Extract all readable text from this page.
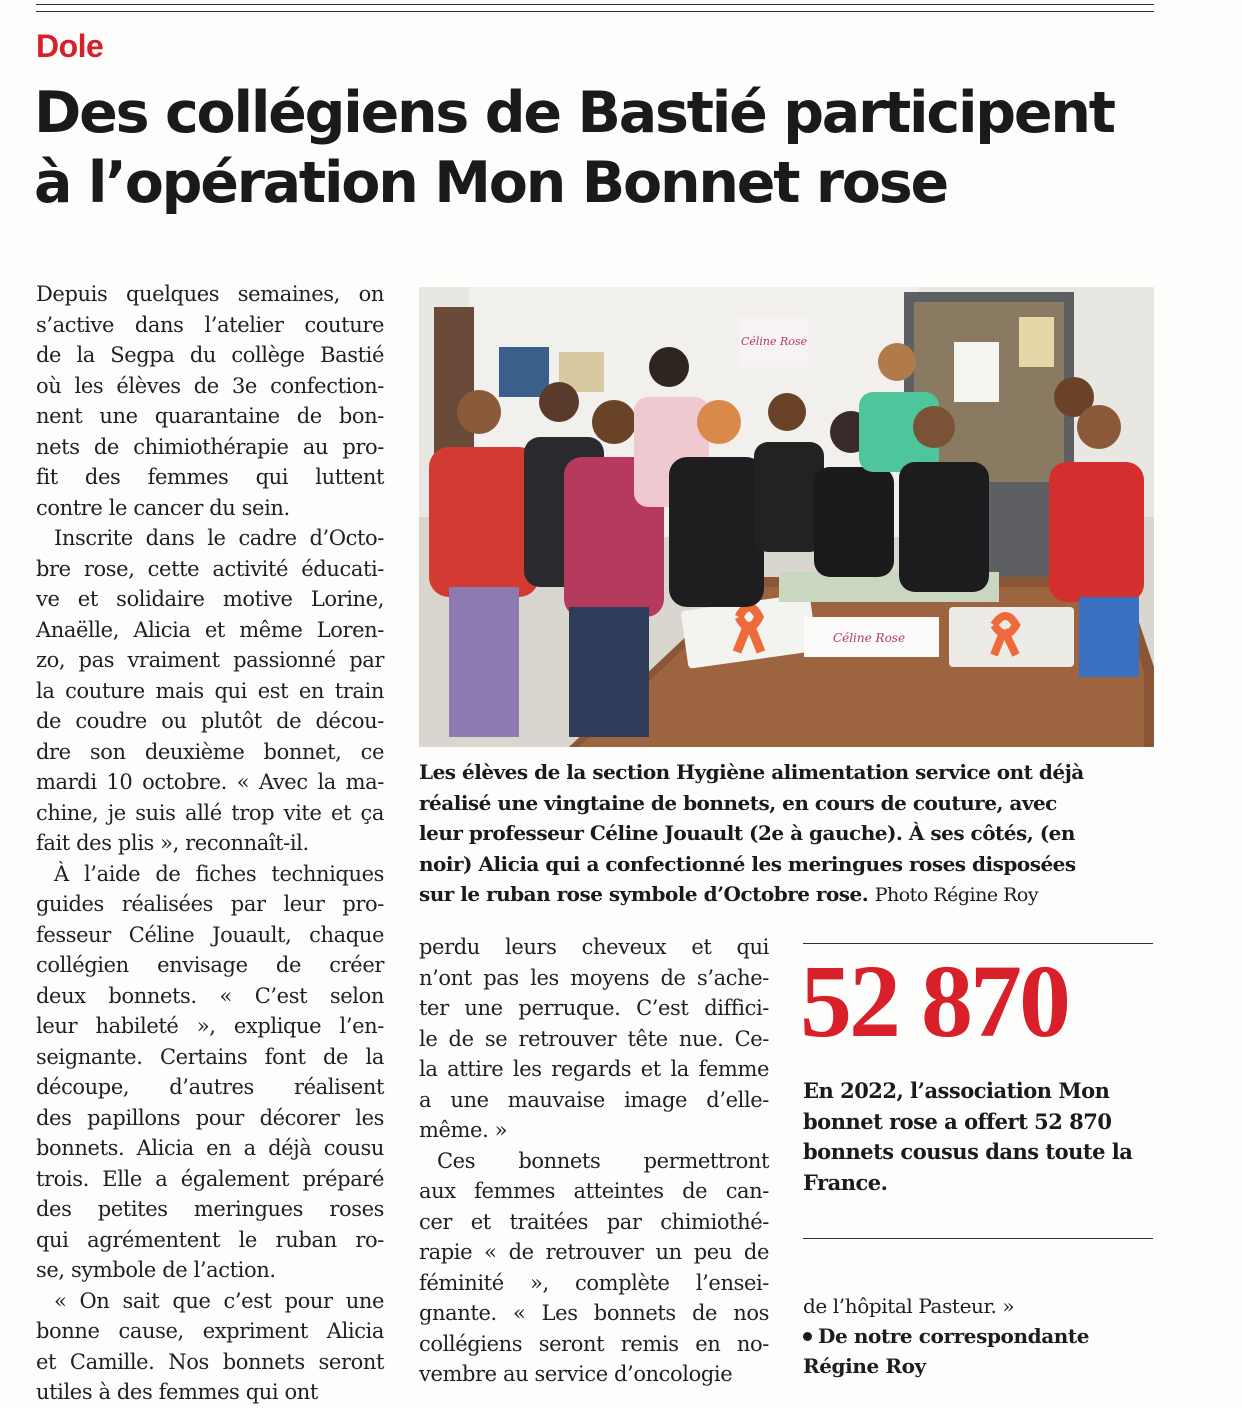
Dole
Des collégiens de Bastié participent
à l’opération Mon Bonnet rose

Depuis quelques semaines, on
s’active dans l’atelier couture
de la Segpa du collège Bastié
où les élèves de 3e confection-
nent une quarantaine de bon-
nets de chimiothérapie au pro-
fit des femmes qui luttent
contre le cancer du sein.

Inscrite dans le cadre d’Octo-
bre rose, cette activité éducati-
ve et solidaire motive Lorine,
Anaëlle, Alicia et même Loren-
zo, pas vraiment passionné par
la couture mais qui est en train
de coudre ou plutôt de décou-
dre son deuxième bonnet, ce
mardi 10 octobre. « Avec la ma-
chine, je suis allé trop vite et ça
fait des plis », reconnaît-il.

À l’aide de fiches techniques
guides réalisées par leur pro-
fesseur Céline Jouault, chaque
collégien envisage de créer
deux bonnets. « C’est selon
leur habileté », explique l’en-
seignante. Certains font de la
découpe, d’autres réalisent
des papillons pour décorer les
bonnets. Alicia en a déjà cousu
trois. Elle a également préparé
des petites meringues roses
qui agrémentent le ruban ro-
se, symbole de l’action.

« On sait que c’est pour une
bonne cause, expriment Alicia
et Camille. Nos bonnets seront
utiles à des femmes qui ont

perdu leurs cheveux et qui
n’ont pas les moyens de s’ache-
ter une perruque. C’est diffici-
le de se retrouver tête nue. Ce-
la attire les regards et la femme
a une mauvaise image d’elle-
même. »

Ces bonnets permettront
aux femmes atteintes de can-
cer et traitées par chimiothé-
rapie « de retrouver un peu de
féminité », complète l’ensei-
gnante. « Les bonnets de nos
collégiens seront remis en no-
vembre au service d’oncologie

Céline Rose
Céline Rose
Les élèves de la section Hygiène alimentation service ont déjà
réalisé une vingtaine de bonnets, en cours de couture, avec
leur professeur Céline Jouault (2e à gauche). À ses côtés, (en
noir) Alicia qui a confectionné les meringues roses disposées
sur le ruban rose symbole d’Octobre rose. Photo Régine Roy
52 870
En 2022, l’association Mon bonnet rose a offert 52 870 bonnets cousus dans toute la France.
de l’hôpital Pasteur. »
De notre correspondante
Régine Roy
